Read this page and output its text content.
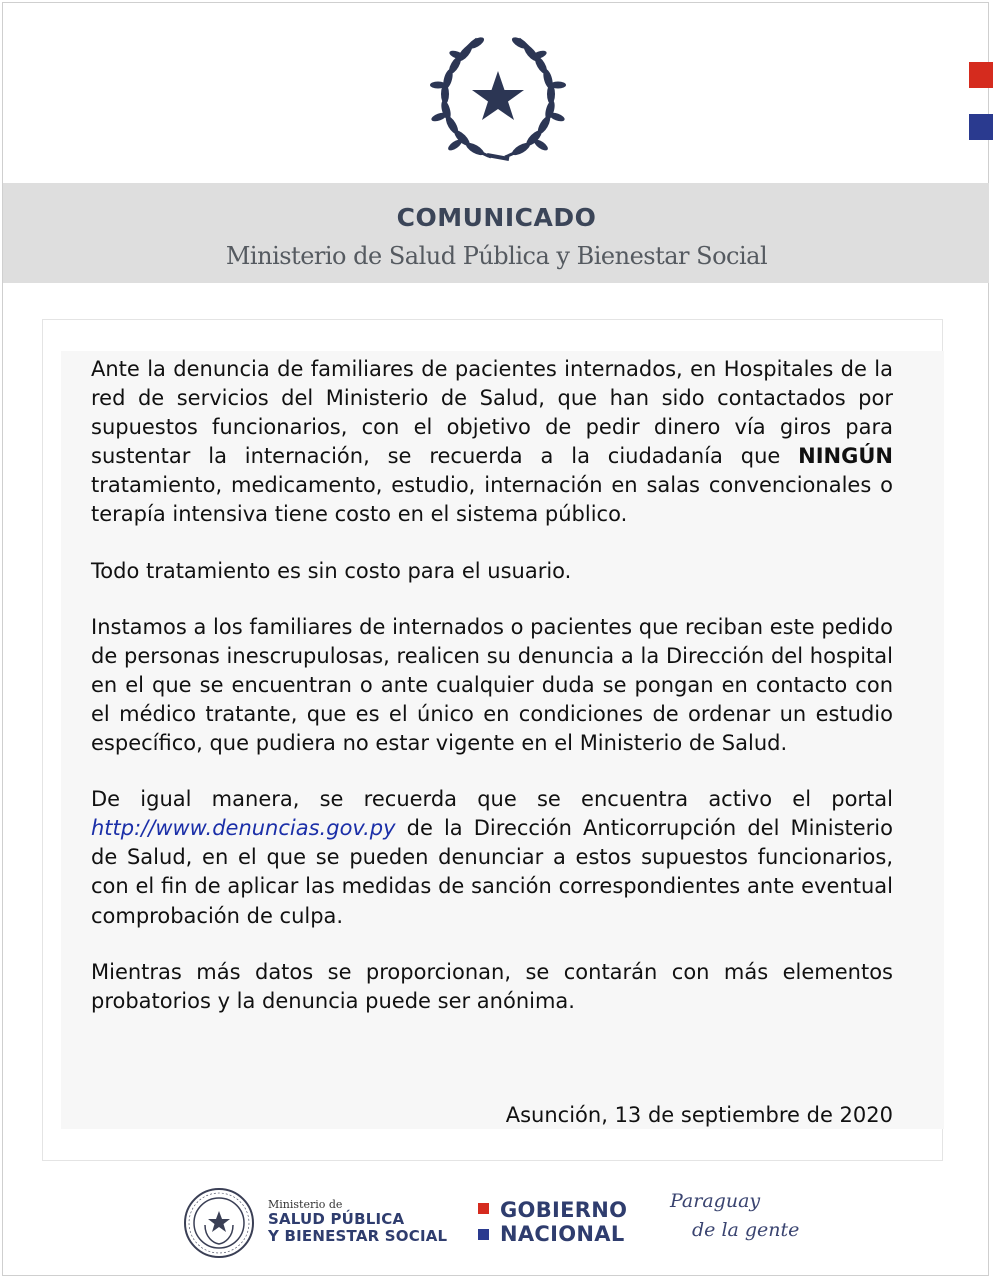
COMUNICADO
Ministerio de Salud Pública y Bienestar Social

Ante la denuncia de familiares de pacientes internados, en Hospitales de la red de servicios del Ministerio de Salud, que han sido contactados por supuestos funcionarios, con el objetivo de pedir dinero vía giros para sustentar la internación, se recuerda a la ciudadanía que NINGÚN tratamiento, medicamento, estudio, internación en salas convencionales o terapía intensiva tiene costo en el sistema público.

Todo tratamiento es sin costo para el usuario.

Instamos a los familiares de internados o pacientes que reciban este pedido de personas inescrupulosas, realicen su denuncia a la Dirección del hospital en el que se encuentran o ante cualquier duda se pongan en contacto con el médico tratante, que es el único en condiciones de ordenar un estudio específico, que pudiera no estar vigente en el Ministerio de Salud.

De igual manera, se recuerda que se encuentra activo el portal http://www.denuncias.gov.py de la Dirección Anticorrupción del Ministerio de Salud, en el que se pueden denunciar a estos supuestos funcionarios, con el fin de aplicar las medidas de sanción correspondientes ante eventual comprobación de culpa.

Mientras más datos se proporcionan, se contarán con más elementos probatorios y la denuncia puede ser anónima.

Asunción, 13 de septiembre de 2020
Ministerio de
SALUD PÚBLICA
Y BIENESTAR SOCIAL
GOBIERNO
NACIONAL
Paraguay
de la gente
